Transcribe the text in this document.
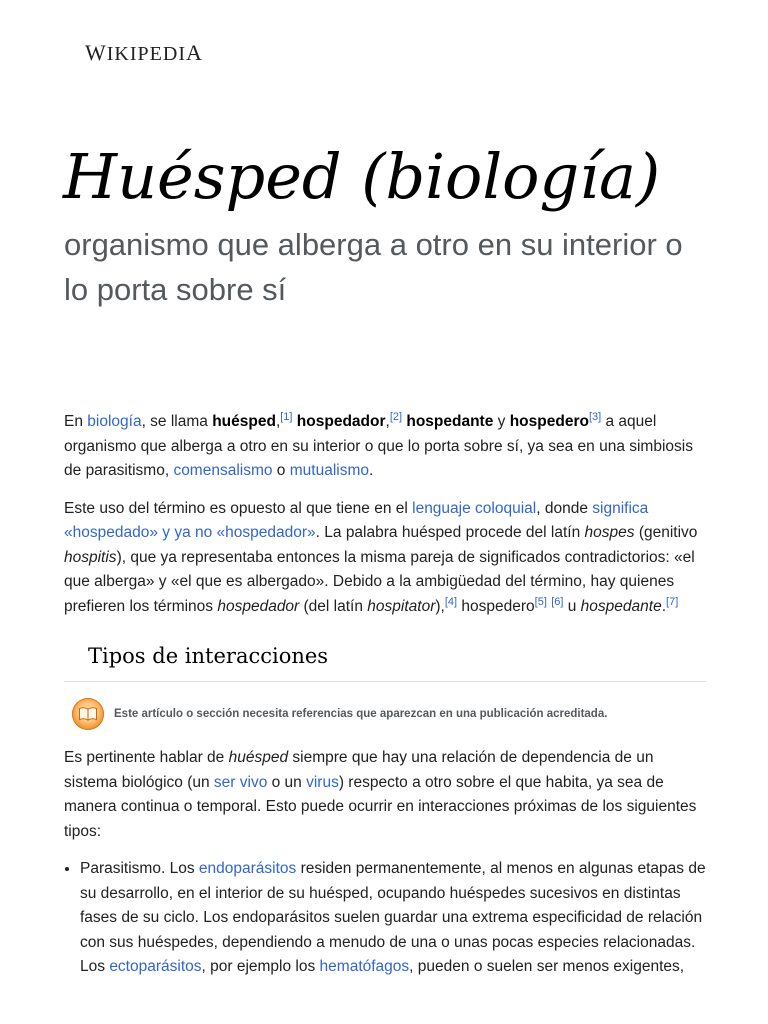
WIKIPEDIA
Huésped (biología)
organismo que alberga a otro en su interior o lo porta sobre sí

En biología, se llama huésped,[1] hospedador,[2] hospedante y hospedero[3] a aquel organismo que alberga a otro en su interior o que lo porta sobre sí, ya sea en una simbiosis de parasitismo, comensalismo o mutualismo.

Este uso del término es opuesto al que tiene en el lenguaje coloquial, donde significa «hospedado» y ya no «hospedador». La palabra huésped procede del latín hospes (genitivo hospitis), que ya representaba entonces la misma pareja de significados contradictorios: «el que alberga» y «el que es albergado». Debido a la ambigüedad del término, hay quienes prefieren los términos hospedador (del latín hospitator),[4] hospedero[5] [6] u hospedante.[7]

Tipos de interacciones
Este artículo o sección necesita referencias que aparezcan en una publicación acreditada.

Es pertinente hablar de huésped siempre que hay una relación de dependencia de un sistema biológico (un ser vivo o un virus) respecto a otro sobre el que habita, ya sea de manera continua o temporal. Esto puede ocurrir en interacciones próximas de los siguientes tipos:

• Parasitismo. Los endoparásitos residen permanentemente, al menos en algunas etapas de su desarrollo, en el interior de su huésped, ocupando huéspedes sucesivos en distintas fases de su ciclo. Los endoparásitos suelen guardar una extrema especificidad de relación con sus huéspedes, dependiendo a menudo de una o unas pocas especies relacionadas. Los ectoparásitos, por ejemplo los hematófagos, pueden o suelen ser menos exigentes,
